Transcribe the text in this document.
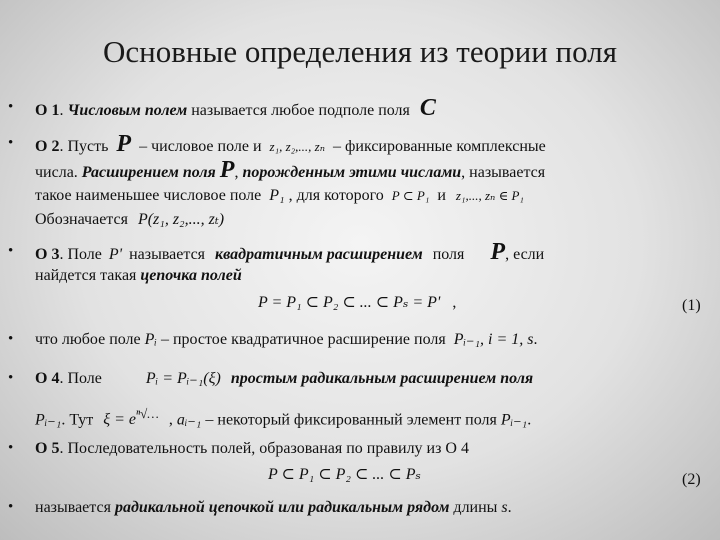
Основные определения из теории поля
• О 1. Числовым полем называется любое подполе поля C
• О 2. Пусть P – числовое поле и z₁, z₂,..., zₙ – фиксированные комплексные
числа. Расширением поля P, порожденным этими числами, называется
такое наименьшее числовое поле P₁ , для которого P ⊂ P₁ и z₁,..., zₙ ∈ P₁
Обозначается P(z₁, z₂,..., zₜ)
• О 3. Поле P' называется квадратичным расширением поля P, если
найдется такая цепочка полей
P = P₁ ⊂ P₂ ⊂ ... ⊂ Pₛ = P' ,	(1)
• что любое поле Pᵢ – простое квадратичное расширение поля Pᵢ₋₁, i = 1, s.
• О 4. Поле	Pᵢ = Pᵢ₋₁(ξ) простым радикальным расширением поля
Pᵢ₋₁. Тут $\xi = e^{^n√\dots}$ , aᵢ₋₁ – некоторый фиксированный элемент поля Pᵢ₋₁.
• О 5. Последовательность полей, образованая по правилу из О 4
P ⊂ P₁ ⊂ P₂ ⊂ ... ⊂ Pₛ	(2)
• называется радикальной цепочкой или радикальным рядом длины s.
